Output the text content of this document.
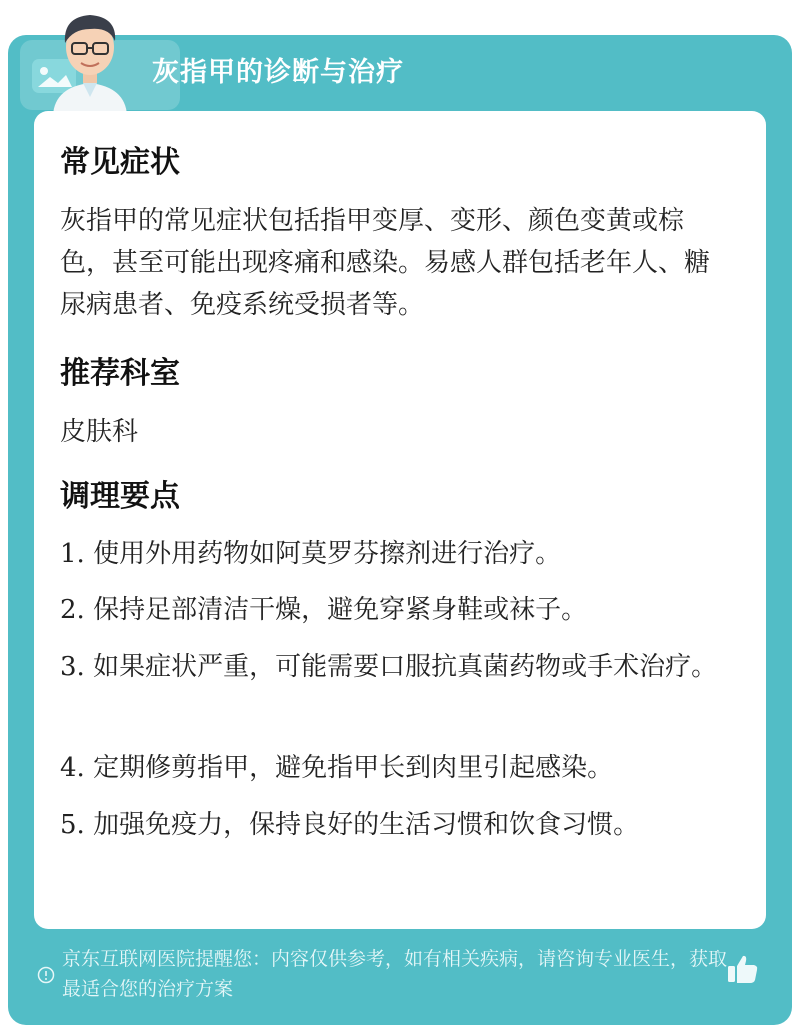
灰指甲的诊断与治疗
常见症状
灰指甲的常见症状包括指甲变厚、变形、颜色变黄或棕色，甚至可能出现疼痛和感染。易感人群包括老年人、糖尿病患者、免疫系统受损者等。
推荐科室
皮肤科
调理要点
1. 使用外用药物如阿莫罗芬擦剂进行治疗。
2. 保持足部清洁干燥，避免穿紧身鞋或袜子。
3. 如果症状严重，可能需要口服抗真菌药物或手术治疗。
4. 定期修剪指甲，避免指甲长到肉里引起感染。
5. 加强免疫力，保持良好的生活习惯和饮食习惯。
京东互联网医院提醒您：内容仅供参考，如有相关疾病，请咨询专业医生，获取最适合您的治疗方案
